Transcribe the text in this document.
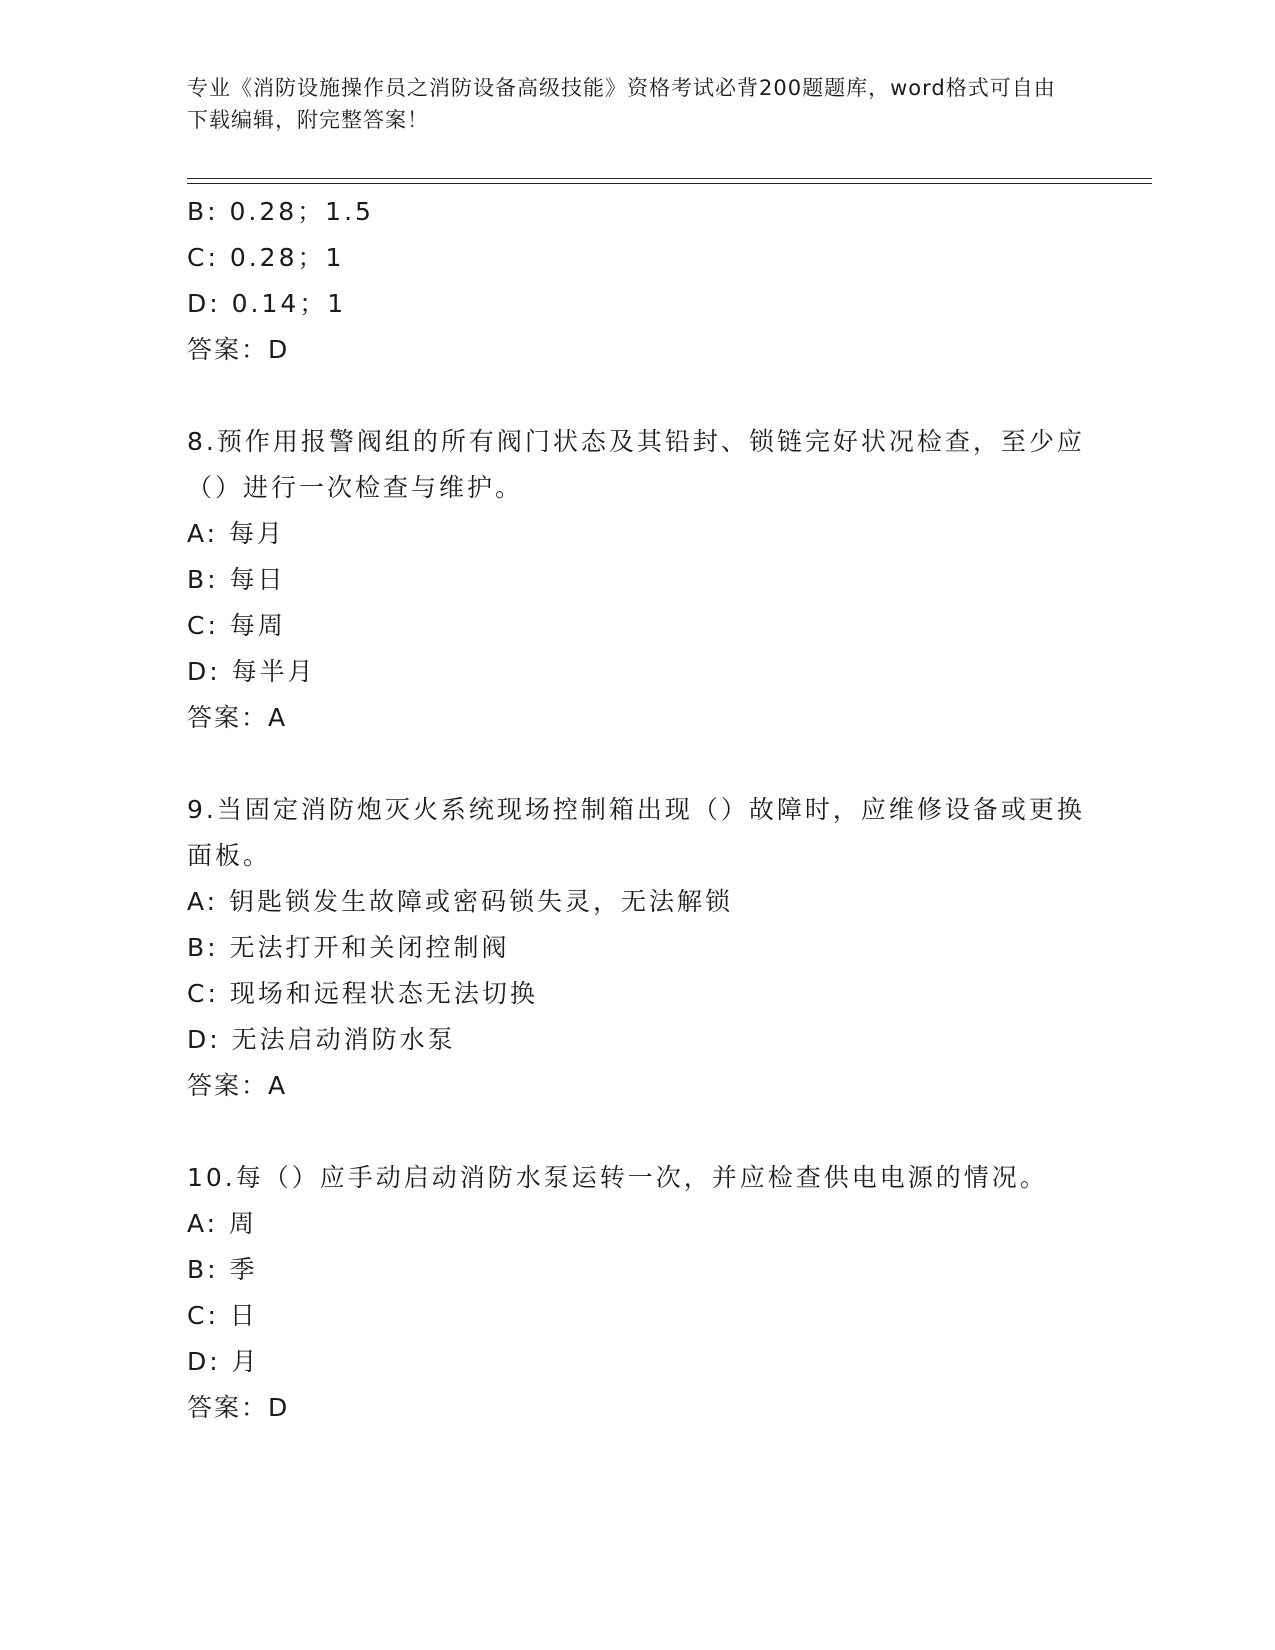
专业《消防设施操作员之消防设备高级技能》资格考试必背200题题库，word格式可自由下载编辑，附完整答案！
B: 0.28；1.5
C: 0.28；1
D: 0.14；1
答案：D
8.预作用报警阀组的所有阀门状态及其铅封、锁链完好状况检查，至少应（）进行一次检查与维护。
A: 每月
B: 每日
C: 每周
D: 每半月
答案：A
9.当固定消防炮灭火系统现场控制箱出现（）故障时，应维修设备或更换面板。
A: 钥匙锁发生故障或密码锁失灵，无法解锁
B: 无法打开和关闭控制阀
C: 现场和远程状态无法切换
D: 无法启动消防水泵
答案：A
10.每（）应手动启动消防水泵运转一次，并应检查供电电源的情况。
A: 周
B: 季
C: 日
D: 月
答案：D
